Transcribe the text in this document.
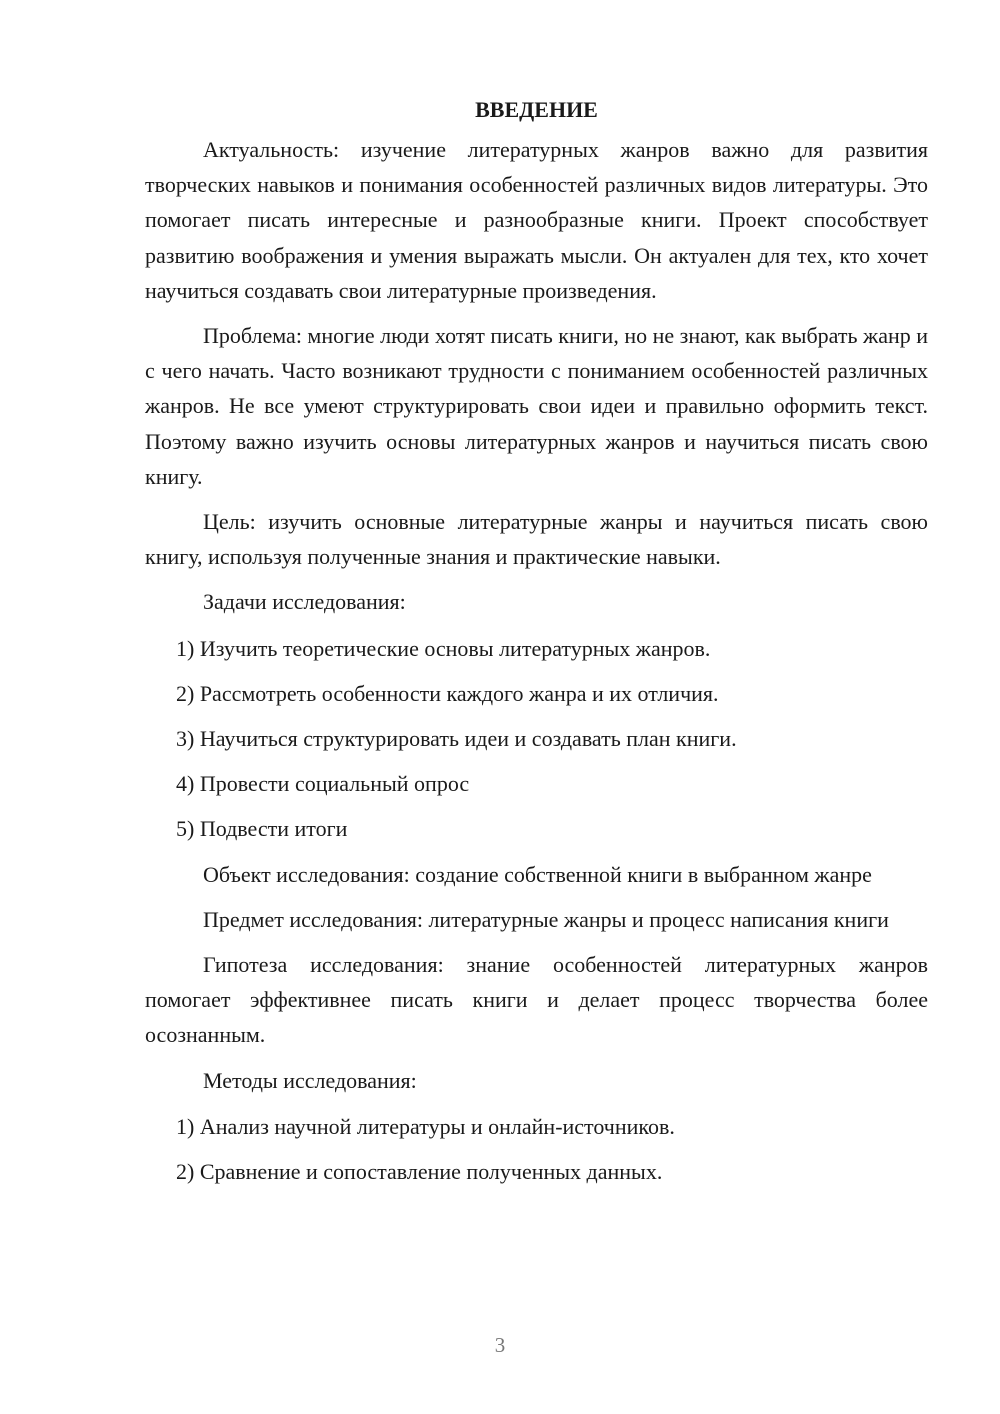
ВВЕДЕНИЕ

Актуальность: изучение литературных жанров важно для развития творческих навыков и понимания особенностей различных видов литературы. Это помогает писать интересные и разнообразные книги. Проект способствует развитию воображения и умения выражать мысли. Он актуален для тех, кто хочет научиться создавать свои литературные произведения.

Проблема: многие люди хотят писать книги, но не знают, как выбрать жанр и с чего начать. Часто возникают трудности с пониманием особенностей различных жанров. Не все умеют структурировать свои идеи и правильно оформить текст. Поэтому важно изучить основы литературных жанров и научиться писать свою книгу.

Цель: изучить основные литературные жанры и научиться писать свою книгу, используя полученные знания и практические навыки.

Задачи исследования:

1) Изучить теоретические основы литературных жанров.

2) Рассмотреть особенности каждого жанра и их отличия.

3) Научиться структурировать идеи и создавать план книги.

4) Провести социальный опрос

5) Подвести итоги

Объект исследования: создание собственной книги в выбранном жанре

Предмет исследования: литературные жанры и процесс написания книги

Гипотеза исследования: знание особенностей литературных жанров помогает эффективнее писать книги и делает процесс творчества более осознанным.

Методы исследования:

1) Анализ научной литературы и онлайн-источников.

2) Сравнение и сопоставление полученных данных.

3
